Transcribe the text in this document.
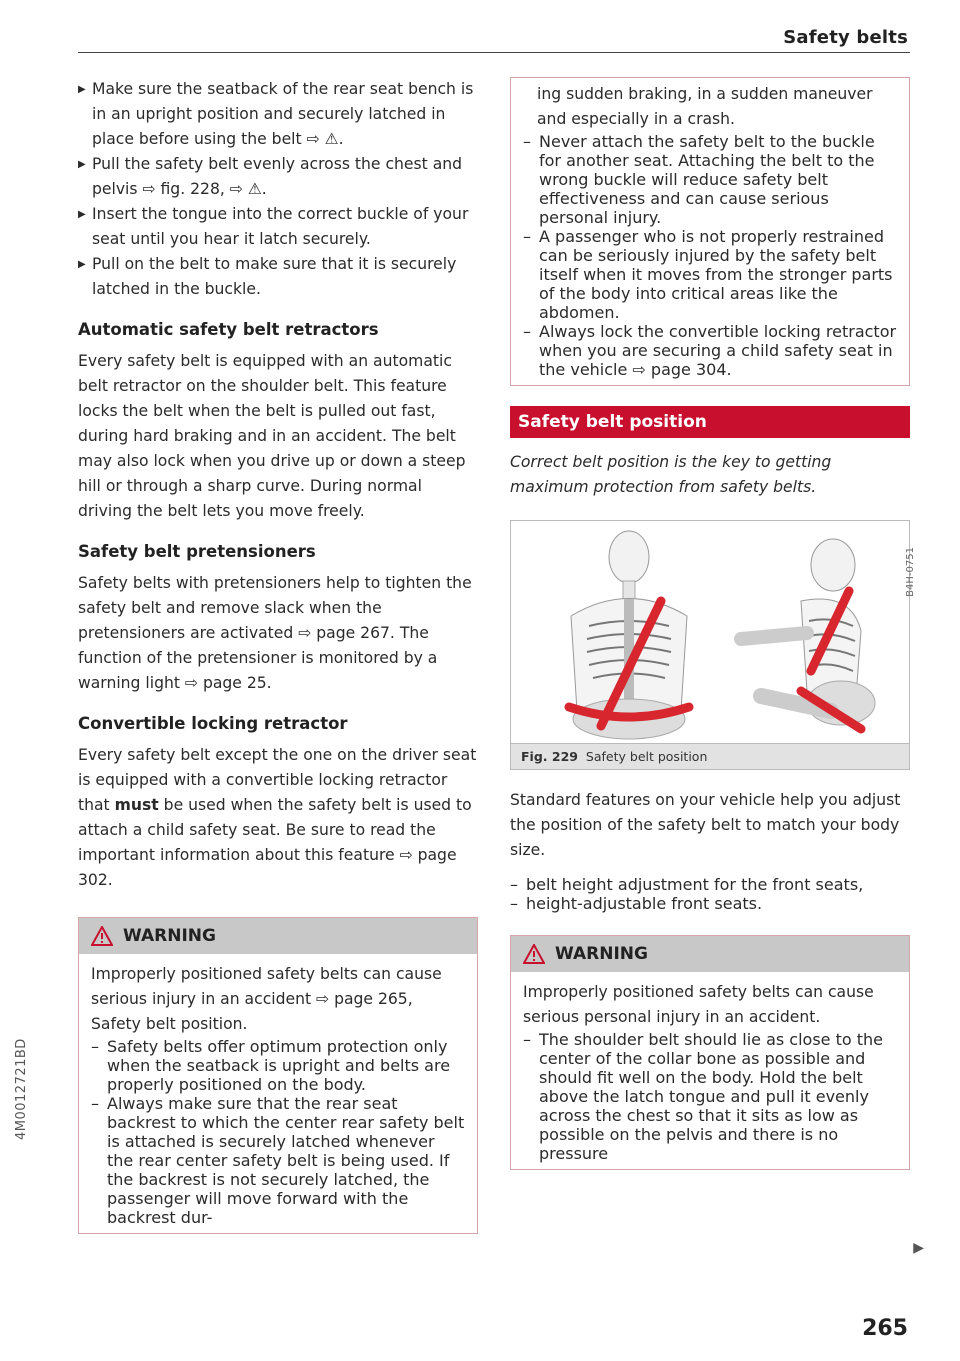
Safety belts
4M0012721BD
▶ Make sure the seatback of the rear seat bench is in an upright position and securely latched in place before using the belt ⇨ ⚠.
▶ Pull the safety belt evenly across the chest and pelvis ⇨ fig. 228, ⇨ ⚠.
▶ Insert the tongue into the correct buckle of your seat until you hear it latch securely.
▶ Pull on the belt to make sure that it is securely latched in the buckle.
Automatic safety belt retractors

Every safety belt is equipped with an automatic belt retractor on the shoulder belt. This feature locks the belt when the belt is pulled out fast, during hard braking and in an accident. The belt may also lock when you drive up or down a steep hill or through a sharp curve. During normal driving the belt lets you move freely.

Safety belt pretensioners

Safety belts with pretensioners help to tighten the safety belt and remove slack when the pretensioners are activated ⇨ page 267. The function of the pretensioner is monitored by a warning light ⇨ page 25.

Convertible locking retractor

Every safety belt except the one on the driver seat is equipped with a convertible locking retractor that must be used when the safety belt is used to attach a child safety seat. Be sure to read the important information about this feature ⇨ page 302.

WARNING

Improperly positioned safety belts can cause serious injury in an accident ⇨ page 265, Safety belt position.

– Safety belts offer optimum protection only when the seatback is upright and belts are properly positioned on the body.
– Always make sure that the rear seat backrest to which the center rear safety belt is attached is securely latched whenever the rear center safety belt is being used. If the backrest is not securely latched, the passenger will move forward with the backrest dur-

ing sudden braking, in a sudden maneuver and especially in a crash.

– Never attach the safety belt to the buckle for another seat. Attaching the belt to the wrong buckle will reduce safety belt effectiveness and can cause serious personal injury.
– A passenger who is not properly restrained can be seriously injured by the safety belt itself when it moves from the stronger parts of the body into critical areas like the abdomen.
– Always lock the convertible locking retractor when you are securing a child safety seat in the vehicle ⇨ page 304.
Safety belt position

Correct belt position is the key to getting maximum protection from safety belts.

B4H-0751
Fig. 229 Safety belt position

Standard features on your vehicle help you adjust the position of the safety belt to match your body size.

– belt height adjustment for the front seats,
– height-adjustable front seats.
WARNING

Improperly positioned safety belts can cause serious personal injury in an accident.

– The shoulder belt should lie as close to the center of the collar bone as possible and should fit well on the body. Hold the belt above the latch tongue and pull it evenly across the chest so that it sits as low as possible on the pelvis and there is no pressure
▶
265
